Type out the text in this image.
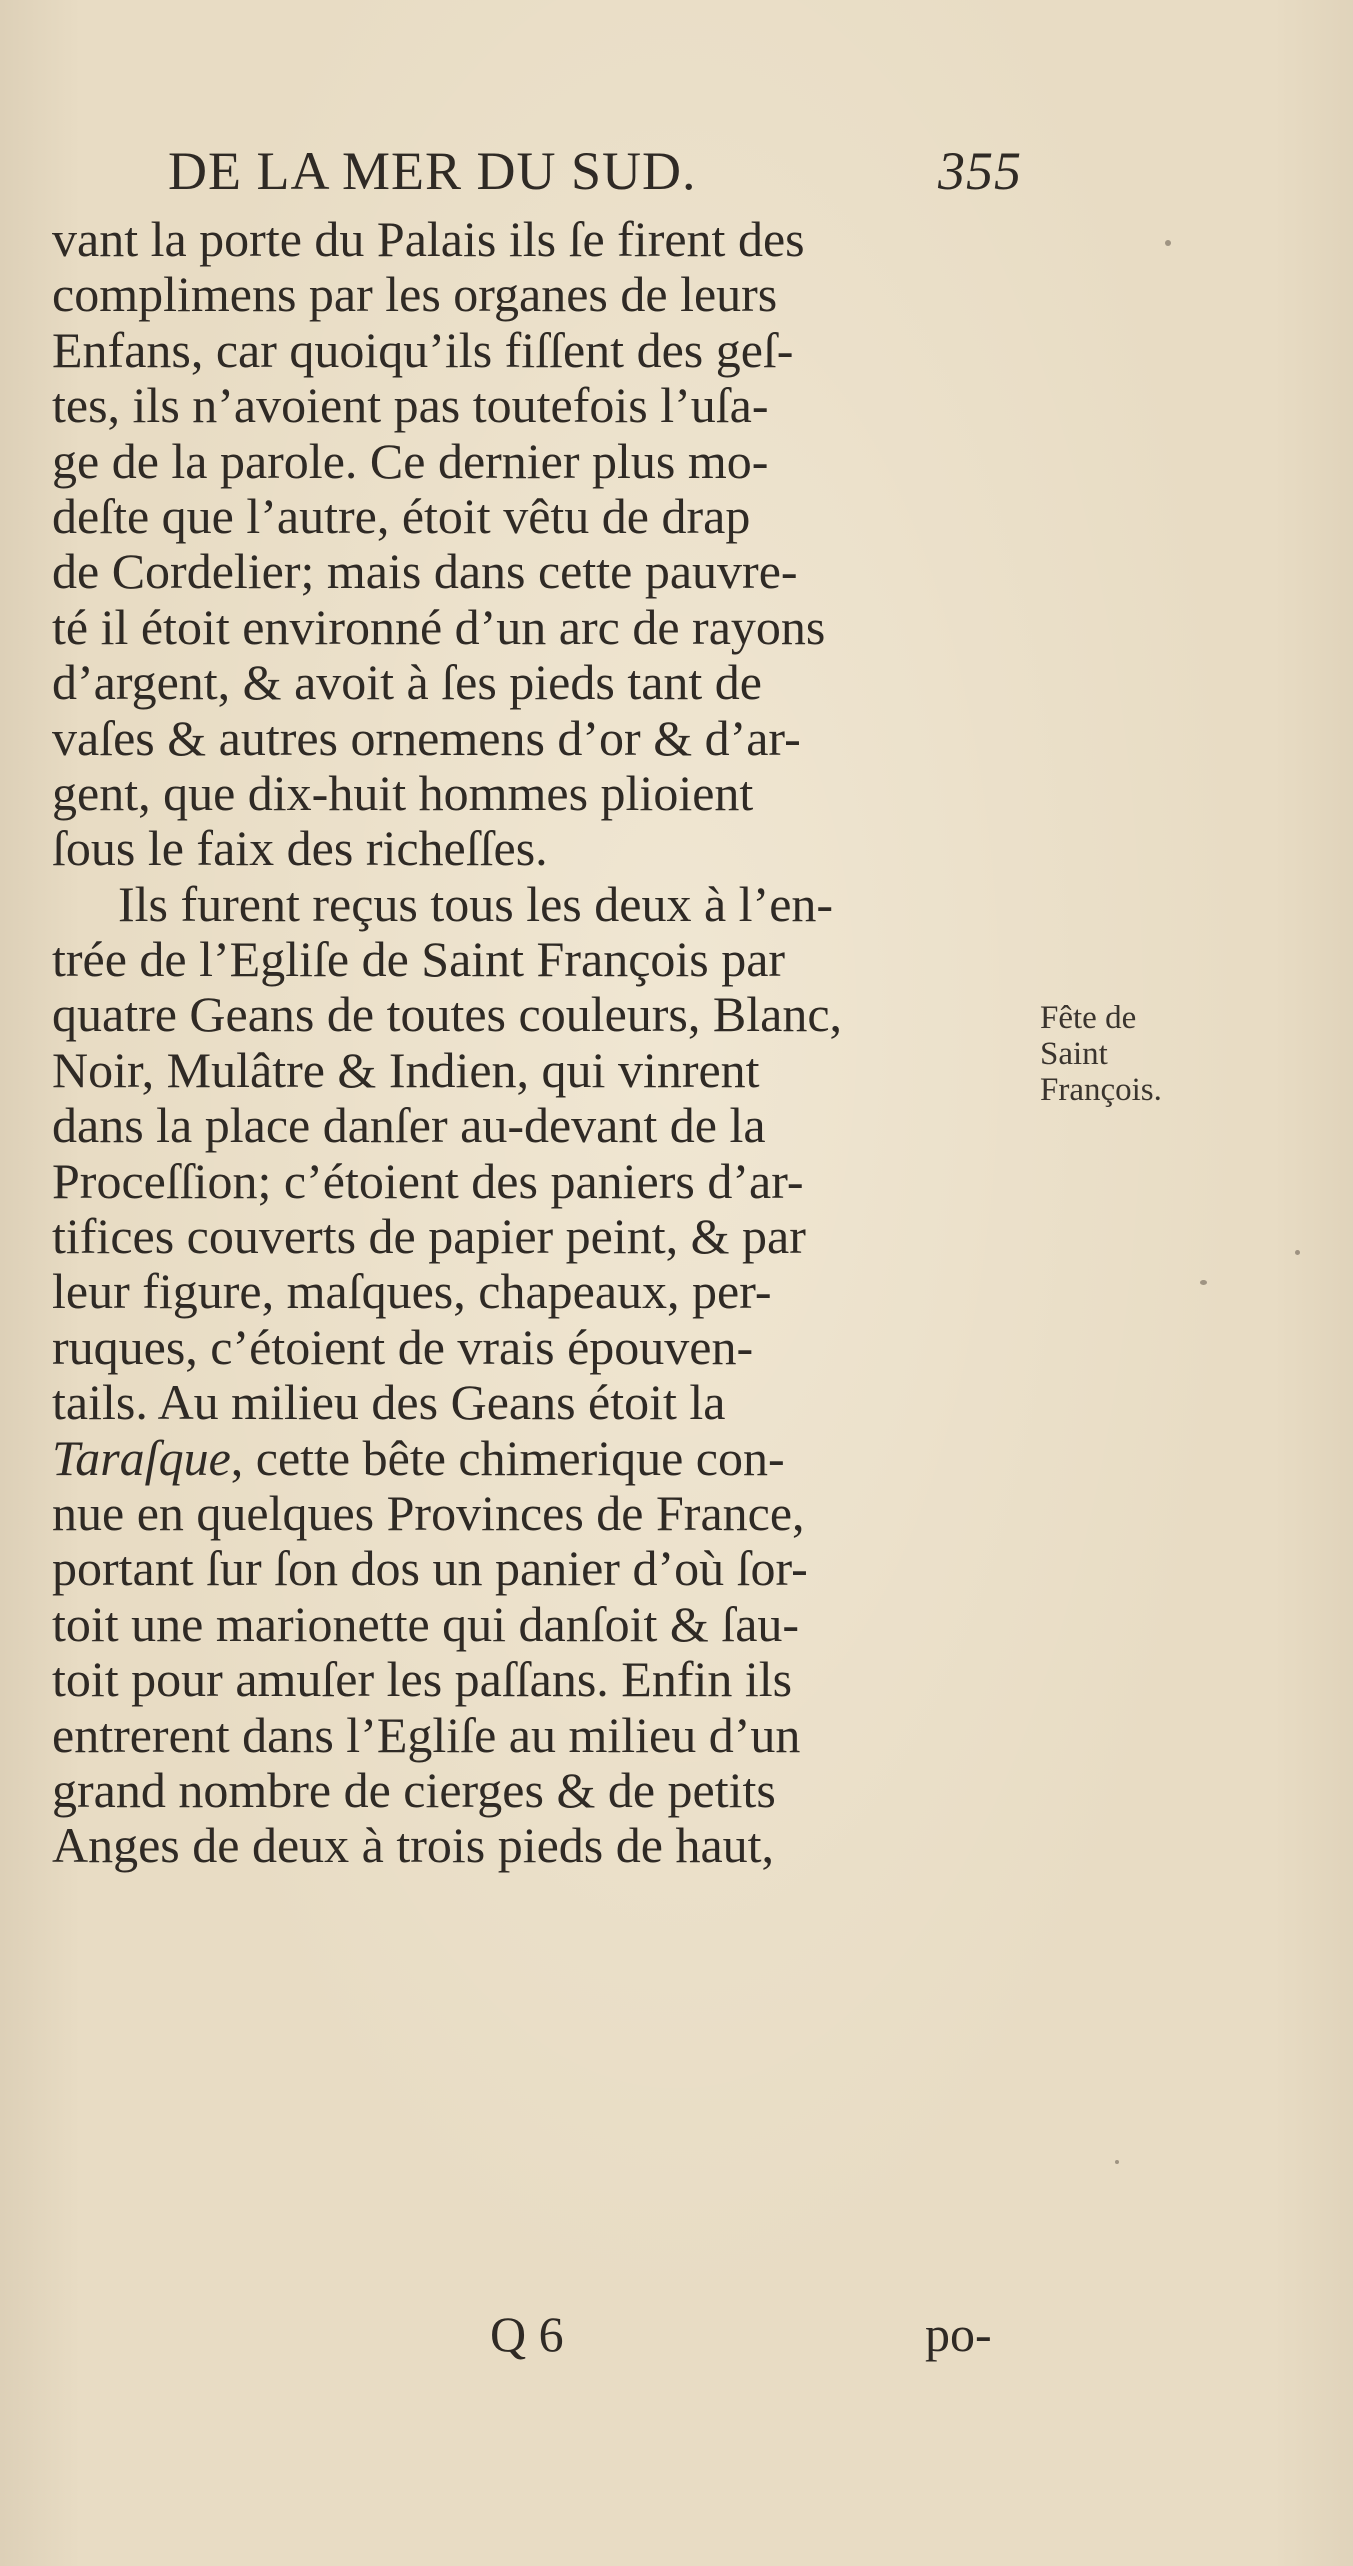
DE LA MER DU SUD.	355
vant la porte du Palais ils ſe firent des
complimens par les organes de leurs
Enfans, car quoiqu’ils fiſſent des geſ-
tes, ils n’avoient pas toutefois l’uſa-
ge de la parole. Ce dernier plus mo-
deſte que l’autre, étoit vêtu de drap
de Cordelier; mais dans cette pauvre-
té il étoit environné d’un arc de rayons
d’argent, & avoit à ſes pieds tant de
vaſes & autres ornemens d’or & d’ar-
gent, que dix-huit hommes plioient
ſous le faix des richeſſes.
Ils furent reçus tous les deux à l’en-
trée de l’Egliſe de Saint François par
quatre Geans de toutes couleurs, Blanc,
Noir, Mulâtre & Indien, qui vinrent
dans la place danſer au-devant de la
Proceſſion; c’étoient des paniers d’ar-
tifices couverts de papier peint, & par
leur figure, maſques, chapeaux, per-
ruques, c’étoient de vrais épouven-
tails. Au milieu des Geans étoit la
Taraſque, cette bête chimerique con-
nue en quelques Provinces de France,
portant ſur ſon dos un panier d’où ſor-
toit une marionette qui danſoit & ſau-
toit pour amuſer les paſſans. Enfin ils
entrerent dans l’Egliſe au milieu d’un
grand nombre de cierges & de petits
Anges de deux à trois pieds de haut,
Fête de
Saint
François.
Q 6	po-
